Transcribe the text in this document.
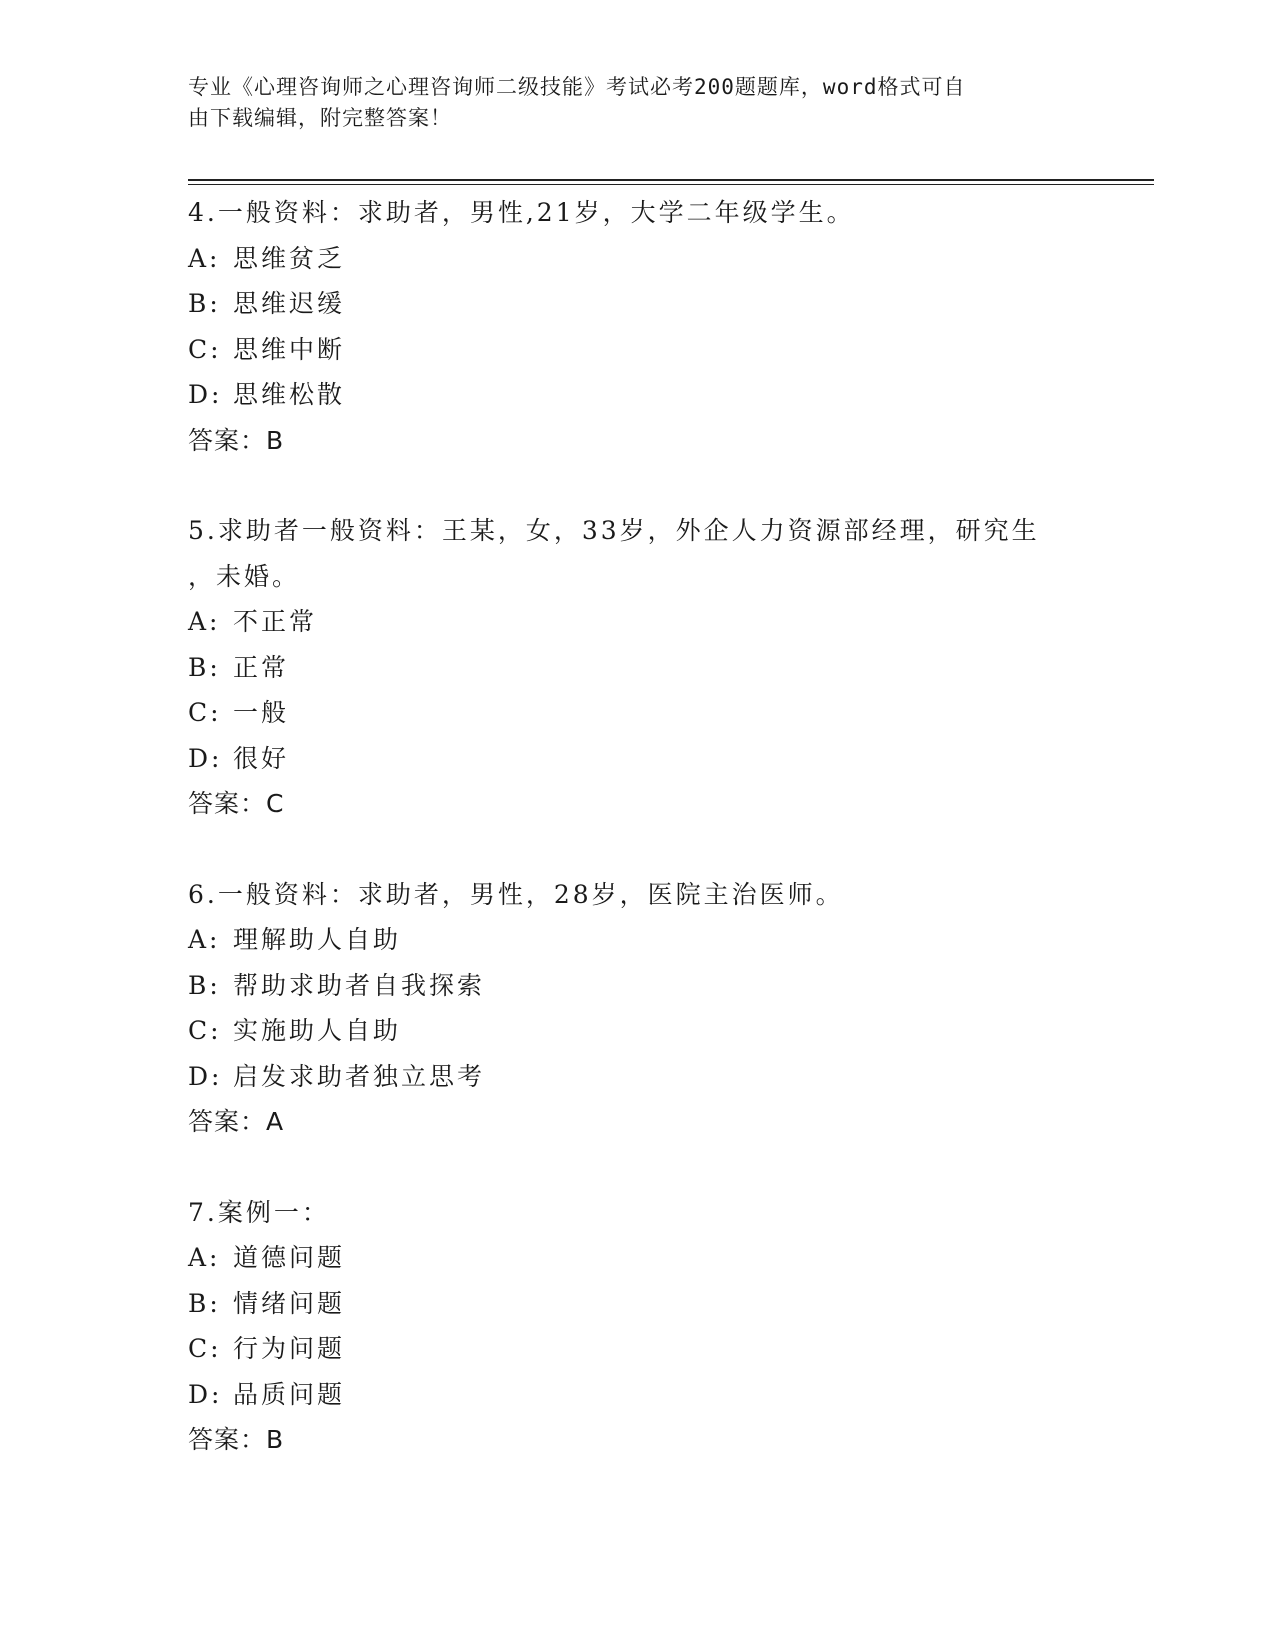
专业《心理咨询师之心理咨询师二级技能》考试必考200题题库，word格式可自
由下载编辑，附完整答案！

4.一般资料：求助者，男性,21岁，大学二年级学生。

A: 思维贫乏

B: 思维迟缓

C: 思维中断

D: 思维松散

答案：B

5.求助者一般资料：王某，女，33岁，外企人力资源部经理，研究生

，未婚。

A: 不正常

B: 正常

C: 一般

D: 很好

答案：C

6.一般资料：求助者，男性，28岁，医院主治医师。

A: 理解助人自助

B: 帮助求助者自我探索

C: 实施助人自助

D: 启发求助者独立思考

答案：A

7.案例一：

A: 道德问题

B: 情绪问题

C: 行为问题

D: 品质问题

答案：B
